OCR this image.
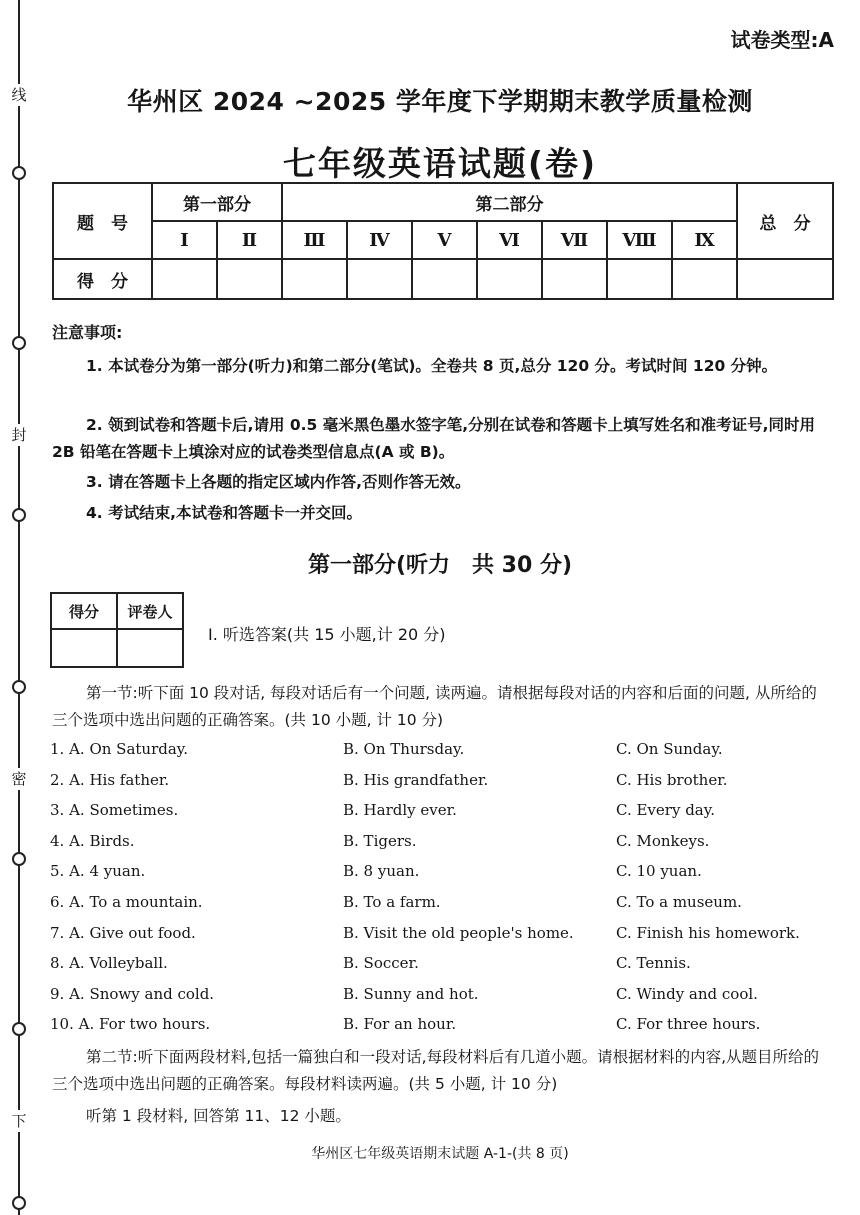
线
封
密
下
试卷类型:A
华州区 2024 ~2025 学年度下学期期末教学质量检测
七年级英语试题(卷)
题　号	第一部分		第二部分							总　分
	Ⅰ	Ⅱ	Ⅲ	Ⅳ	Ⅴ	Ⅵ	Ⅶ	Ⅷ	Ⅸ	
得　分										
注意事项:
1. 本试卷分为第一部分(听力)和第二部分(笔试)。全卷共 8 页,总分 120 分。考试时间 120 分钟。
2. 领到试卷和答题卡后,请用 0.5 毫米黑色墨水签字笔,分别在试卷和答题卡上填写姓名和准考证号,同时用 2B 铅笔在答题卡上填涂对应的试卷类型信息点(A 或 B)。
3. 请在答题卡上各题的指定区域内作答,否则作答无效。
4. 考试结束,本试卷和答题卡一并交回。
第一部分(听力　共 30 分)
得分	评卷人

Ⅰ. 听选答案(共 15 小题,计 20 分)
第一节:听下面 10 段对话, 每段对话后有一个问题, 读两遍。请根据每段对话的内容和后面的问题, 从所给的三个选项中选出问题的正确答案。(共 10 小题, 计 10 分)
1. A. On Saturday.	B. On Thursday.	C. On Sunday.
2. A. His father.	B. His grandfather.	C. His brother.
3. A. Sometimes.	B. Hardly ever.	C. Every day.
4. A. Birds.	B. Tigers.	C. Monkeys.
5. A. 4 yuan.	B. 8 yuan.	C. 10 yuan.
6. A. To a mountain.	B. To a farm.	C. To a museum.
7. A. Give out food.	B. Visit the old people's home.	C. Finish his homework.
8. A. Volleyball.	B. Soccer.	C. Tennis.
9. A. Snowy and cold.	B. Sunny and hot.	C. Windy and cool.
10. A. For two hours.	B. For an hour.	C. For three hours.
第二节:听下面两段材料,包括一篇独白和一段对话,每段材料后有几道小题。请根据材料的内容,从题目所给的三个选项中选出问题的正确答案。每段材料读两遍。(共 5 小题, 计 10 分)
听第 1 段材料, 回答第 11、12 小题。
华州区七年级英语期末试题 A-1-(共 8 页)
